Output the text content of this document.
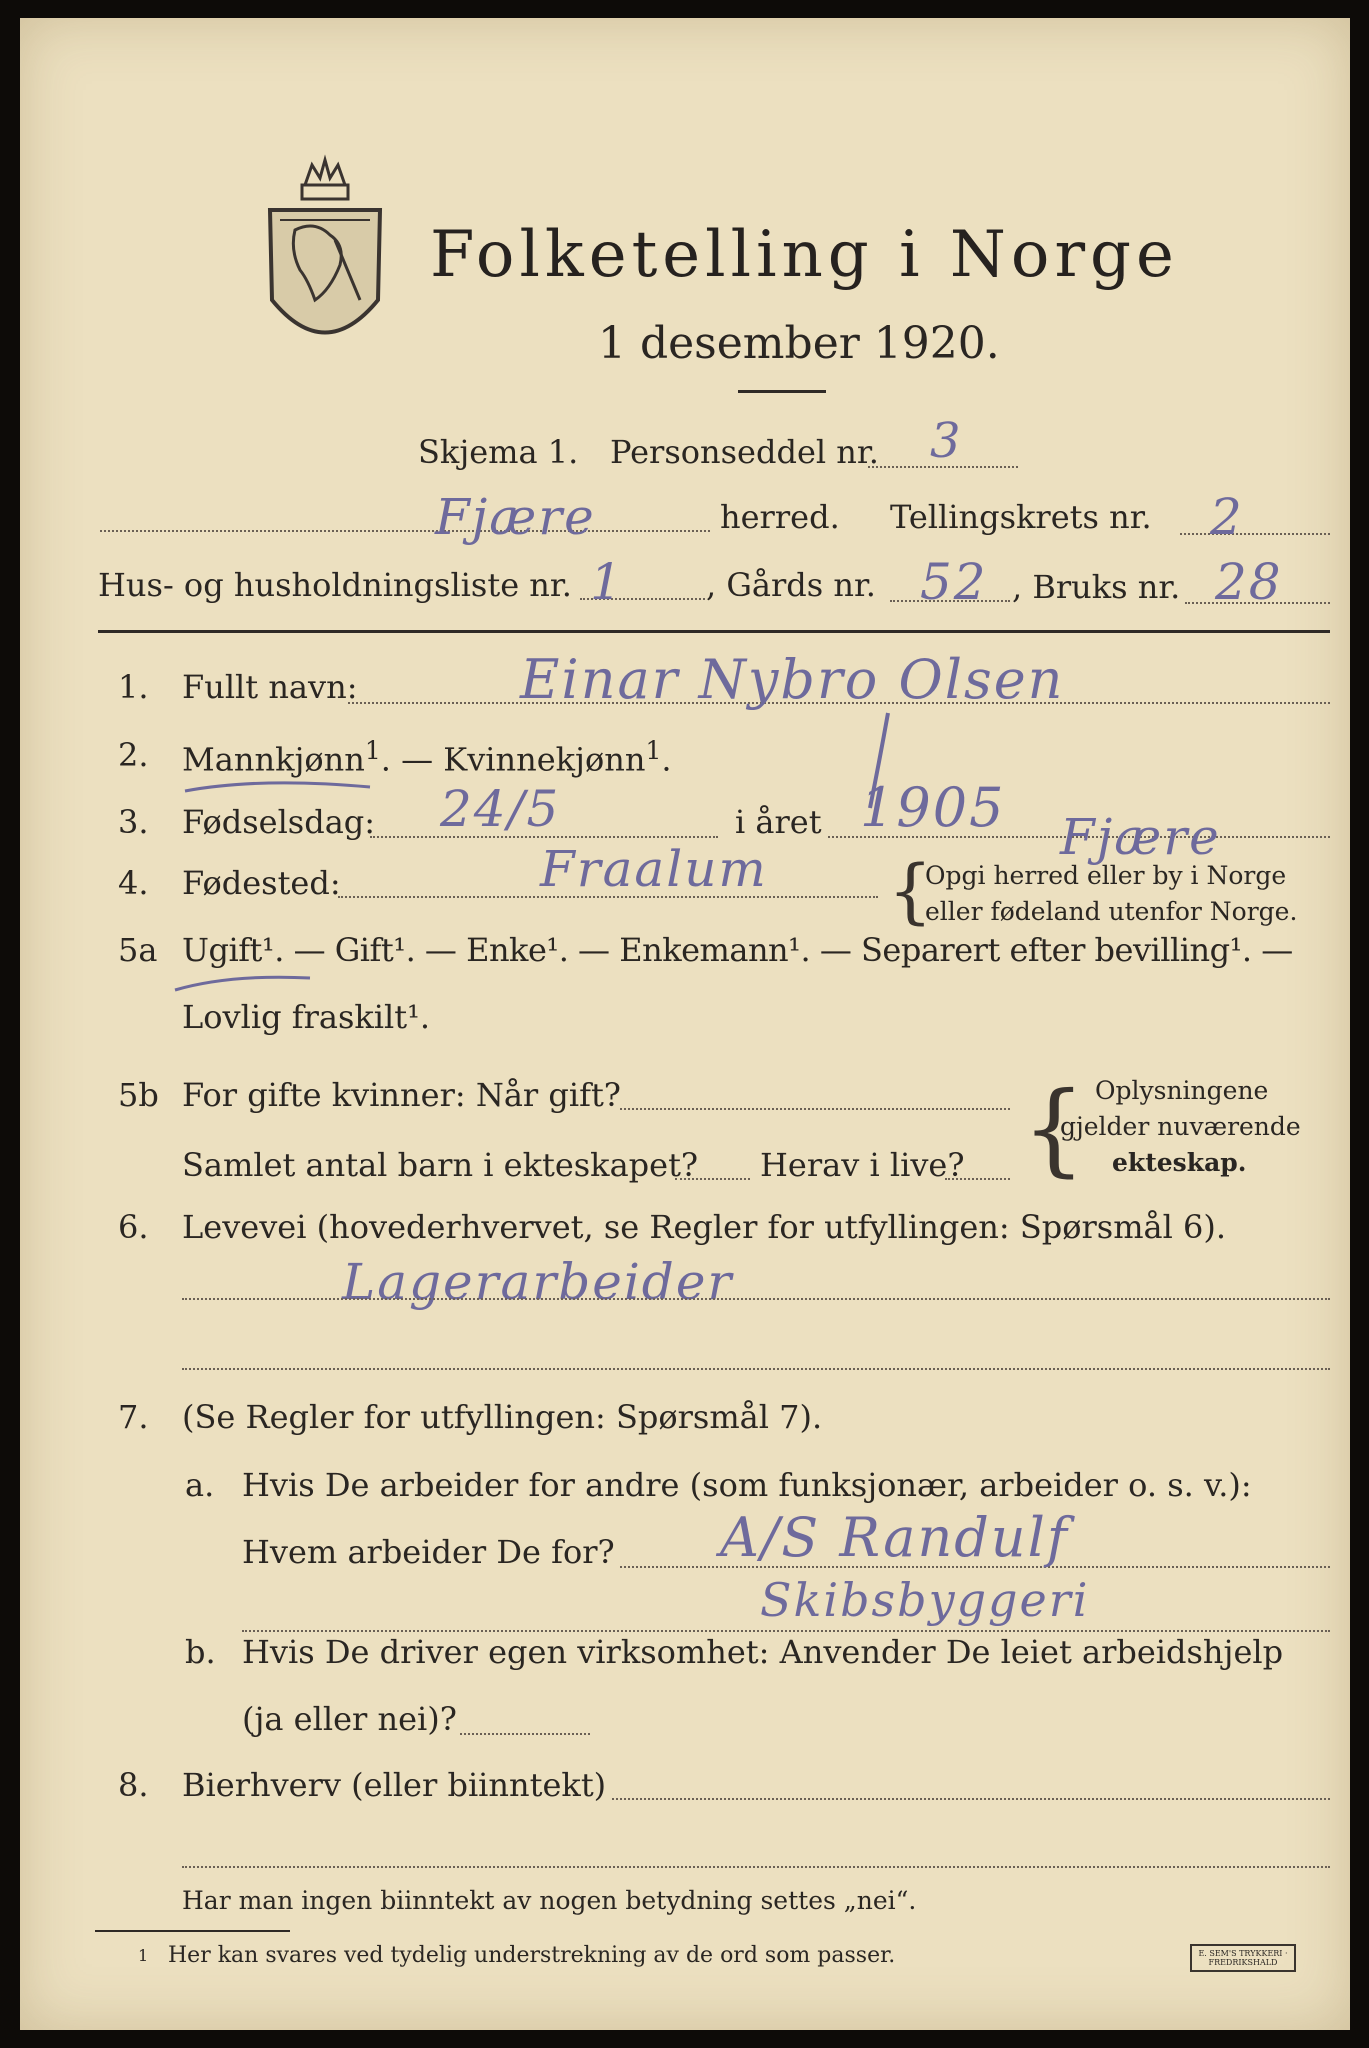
Folketelling i Norge
1 desember 1920.
Skjema 1. Personseddel nr. 3
Fjære	herred. Tellingskrets nr. 2
Hus- og husholdningsliste nr. 1	, Gårds nr. 52 , Bruks nr. 28
1. Fullt navn:	Einar Nybro Olsen
2. Mannkjønn$^1$. — Kvinnekjønn$^1$.
3. Fødselsdag: 24/5	i året 1905
4. Fødested:	Fraalum
Fjære
{
Opgi herred eller by i Norge
eller fødeland utenfor Norge.
5a Ugift¹. — Gift¹. — Enke¹. — Enkemann¹. — Separert efter bevilling¹. —
Lovlig fraskilt¹.
5b For gifte kvinner: Når gift?
Samlet antal barn i ekteskapet? Herav i live? { Oplysningene
gjelder nuværende
ekteskap.
6. Levevei (hovederhvervet, se Regler for utfyllingen: Spørsmål 6).
Lagerarbeider
7. (Se Regler for utfyllingen: Spørsmål 7).
a. Hvis De arbeider for andre (som funksjonær, arbeider o. s. v.):
Hvem arbeider De for? A/S Randulf
Skibsbyggeri
b. Hvis De driver egen virksomhet: Anvender De leiet arbeidshjelp
(ja eller nei)?
8. Bierhverv (eller biinntekt)
Har man ingen biinntekt av nogen betydning settes „nei“.
1 Her kan svares ved tydelig understrekning av de ord som passer.	E. SEM'S TRYKKERI · FREDRIKSHALD
